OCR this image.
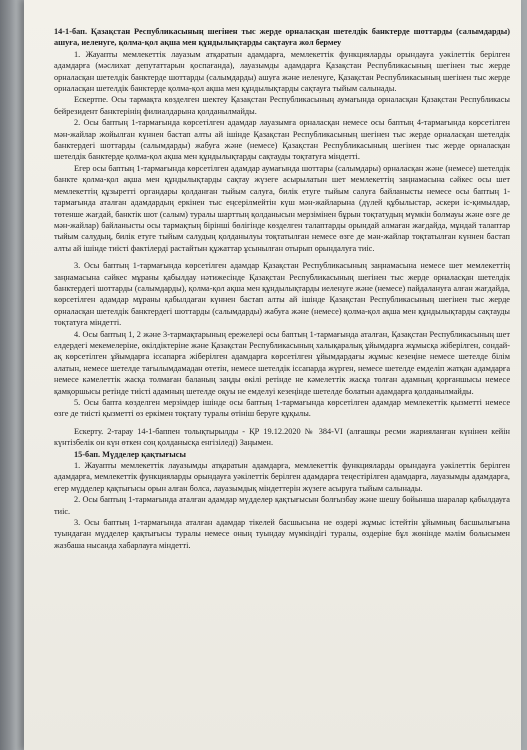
14-1-бап. Қазақстан Республикасының шегінен тыс жерде орналасқан шетелдік банктерде шоттарды (салымдарды) ашуға, иеленуге, қолма-қол ақша мен құндылықтарды сақтауға жол бермеу

1. Жауапты мемлекеттік лауазым атқаратын адамдарға, мемлекеттік функцияларды орындауға уәкілеттік берілген адамдарға (мәслихат депутаттарын қоспағанда), лауазымды адамдарға Қазақстан Республикасының шегінен тыс жерде орналасқан шетелдік банктерде шоттарды (салымдарды) ашуға және иеленуге, Қазақстан Республикасының шегінен тыс жерде орналасқан шетелдік банктерде қолма-қол ақша мен құндылықтарды сақтауға тыйым салынады.

Ескертпе. Осы тармақта көзделген шектеу Қазақстан Республикасының аумағында орналасқан Қазақстан Республикасы бейрезидент банктерінің филиалдарына қолданылмайды.

2. Осы баптың 1-тармағында көрсетілген адамдар лауазымға орналасқан немесе осы баптың 4-тармағында көрсетілген мән-жайлар жойылған күннен бастап алты ай ішінде Қазақстан Республикасының шегінен тыс жерде орналасқан шетелдік банктердегі шоттарды (салымдарды) жабуға және (немесе) Қазақстан Республикасының шегінен тыс жерде орналасқан шетелдік банктерде қолма-қол ақша мен құндылықтарды сақтауды тоқтатуға міндетті.

Егер осы баптың 1-тармағында көрсетілген адамдар аумағында шоттары (салымдары) орналасқан және (немесе) шетелдік банкте қолма-қол ақша мен құндылықтарды сақтау жүзеге асырылатын шет мемлекеттің заңнамасына сәйкес осы шет мемлекеттің құзыретті органдары қолданған тыйым салуға, билік етуге тыйым салуға байланысты немесе осы баптың 1-тармағында аталған адамдардың еркінен тыс еңсерілмейтін күш мән-жайларына (дүлей құбылыстар, әскери іс-қимылдар, төтенше жағдай, банктік шот (салым) туралы шарттың қолданысын мерзімінен бұрын тоқтатудың мүмкін болмауы және өзге де мән-жайлар) байланысты осы тармақтың бірінші бөлігінде көзделген талаптарды орындай алмаған жағдайда, мұндай талаптар тыйым салудың, билік етуге тыйым салудың қолданылуы тоқтатылған немесе өзге де мән-жайлар тоқтатылған күннен бастап алты ай ішінде тиісті фактілерді растайтын құжаттар ұсынылған отырып орындалуға тиіс.

3. Осы баптың 1-тармағында көрсетілген адамдар Қазақстан Республикасының заңнамасына немесе шет мемлекеттің заңнамасына сәйкес мұраны қабылдау нәтижесінде Қазақстан Республикасының шегінен тыс жерде орналасқан шетелдік банктердегі шоттарды (салымдарды), қолма-қол ақша мен құндылықтарды иеленуге және (немесе) пайдалануға алған жағдайда, көрсетілген адамдар мұраны қабылдаған күннен бастап алты ай ішінде Қазақстан Республикасының шегінен тыс жерде орналасқан шетелдік банктердегі шоттарды (салымдарды) жабуға және (немесе) қолма-қол ақша мен құндылықтарды сақтауды тоқтатуға міндетті.

4. Осы баптың 1, 2 және 3-тармақтарының ережелері осы баптың 1-тармағында аталған, Қазақстан Республикасының шет елдердегі мекемелеріне, өкілдіктеріне және Қазақстан Республикасының халықаралық ұйымдарға жұмысқа жіберілген, сондай-ақ көрсетілген ұйымдарға іссапарға жіберілген адамдарға көрсетілген ұйымдардағы жұмыс кезеңіне немесе шетелде білім алатын, немесе шетелде тағылымдамадан өтетін, немесе шетелдік іссапарда жүрген, немесе шетелде емделіп жатқан адамдарға немесе кәмелеттік жасқа толмаған баланың заңды өкілі ретінде не кәмелеттік жасқа толған адамның қорғаншысы немесе қамқоршысы ретінде тиісті адамның шетелде оқуы не емделуі кезеңінде шетелде болатын адамдарға қолданылмайды.

5. Осы бапта көзделген мерзімдер ішінде осы баптың 1-тармағында көрсетілген адамдар мемлекеттік қызметті немесе өзге де тиісті қызметті өз еркімен тоқтату туралы өтініш беруге құқылы.

Ескерту. 2-тарау 14-1-баппен толықтырылды - ҚР 19.12.2020 № 384-VI (алғашқы ресми жарияланған күнінен кейін күнтізбелік он күн өткен соң қолданысқа енгізіледі) Заңымен.

15-бап. Мүдделер қақтығысы

1. Жауапты мемлекеттік лауазымды атқаратын адамдарға, мемлекеттік функцияларды орындауға уәкілеттік берілген адамдарға, мемлекеттік функцияларды орындауға уәкілеттік берілген адамдарға теңестірілген адамдарға, лауазымды адамдарға, егер мүдделер қақтығысы орын алған болса, лауазымдық міндеттерін жүзеге асыруға тыйым салынады.

2. Осы баптың 1-тармағында аталған адамдар мүдделер қақтығысын болғызбау және шешу бойынша шаралар қабылдауға тиіс.

3. Осы баптың 1-тармағында аталған адамдар тікелей басшысына не өздері жұмыс істейтін ұйымның басшылығына туындаған мүдделер қақтығысы туралы немесе оның туындау мүмкіндігі туралы, өздеріне бұл жөнінде мәлім болысымен жазбаша нысанда хабарлауға міндетті.
